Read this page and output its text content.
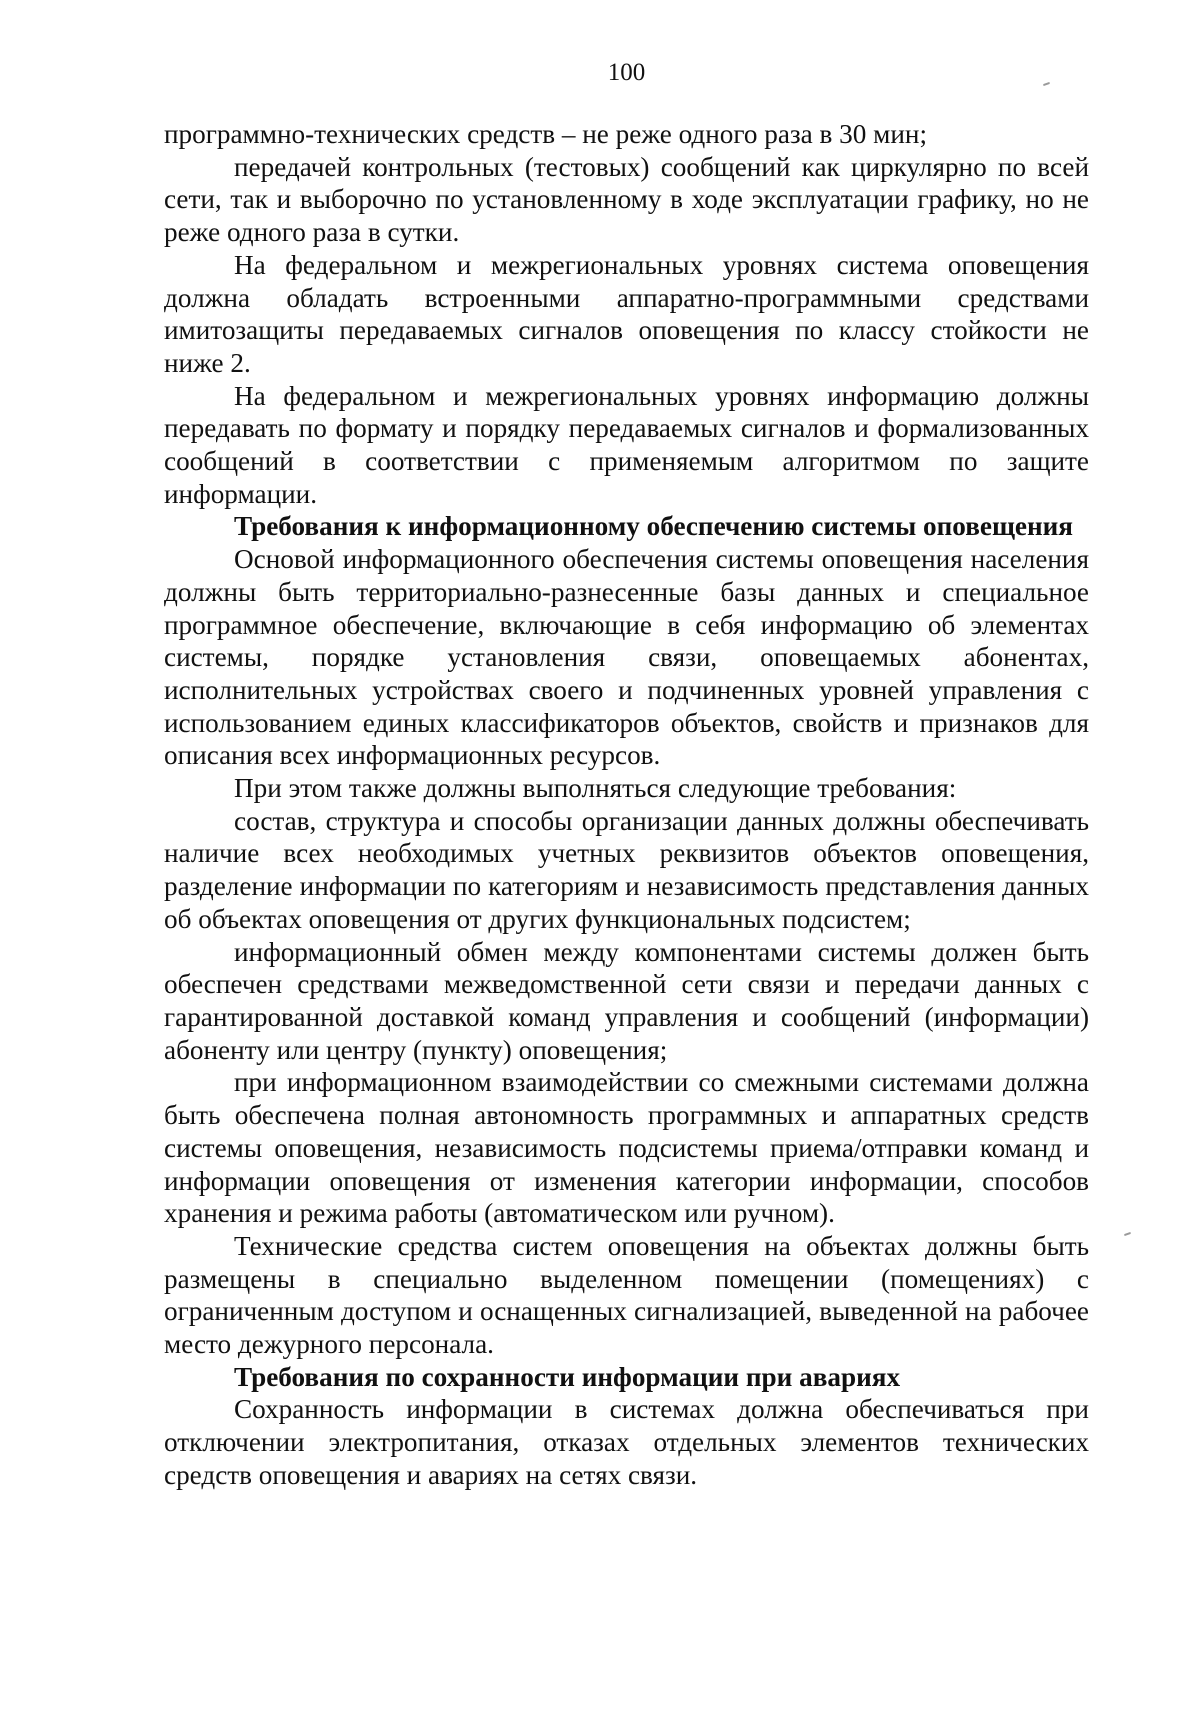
100

программно-технических средств – не реже одного раза в 30 мин;

передачей контрольных (тестовых) сообщений как циркулярно по всей сети, так и выборочно по установленному в ходе эксплуатации графику, но не реже одного раза в сутки.

На федеральном и межрегиональных уровнях система оповещения должна обладать встроенными аппаратно-программными средствами имитозащиты передаваемых сигналов оповещения по классу стойкости не ниже 2.

На федеральном и межрегиональных уровнях информацию должны передавать по формату и порядку передаваемых сигналов и формализованных сообщений в соответствии с применяемым алгоритмом по защите информации.

Требования к информационному обеспечению системы оповещения

Основой информационного обеспечения системы оповещения населения должны быть территориально-разнесенные базы данных и специальное программное обеспечение, включающие в себя информацию об элементах системы, порядке установления связи, оповещаемых абонентах, исполнительных устройствах своего и подчиненных уровней управления с использованием единых классификаторов объектов, свойств и признаков для описания всех информационных ресурсов.

При этом также должны выполняться следующие требования:

состав, структура и способы организации данных должны обеспечивать наличие всех необходимых учетных реквизитов объектов оповещения, разделение информации по категориям и независимость представления данных об объектах оповещения от других функциональных подсистем;

информационный обмен между компонентами системы должен быть обеспечен средствами межведомственной сети связи и передачи данных с гарантированной доставкой команд управления и сообщений (информации) абоненту или центру (пункту) оповещения;

при информационном взаимодействии со смежными системами должна быть обеспечена полная автономность программных и аппаратных средств системы оповещения, независимость подсистемы приема/отправки команд и информации оповещения от изменения категории информации, способов хранения и режима работы (автоматическом или ручном).

Технические средства систем оповещения на объектах должны быть размещены в специально выделенном помещении (помещениях) с ограниченным доступом и оснащенных сигнализацией, выведенной на рабочее место дежурного персонала.

Требования по сохранности информации при авариях

Сохранность информации в системах должна обеспечиваться при отключении электропитания, отказах отдельных элементов технических средств оповещения и авариях на сетях связи.
